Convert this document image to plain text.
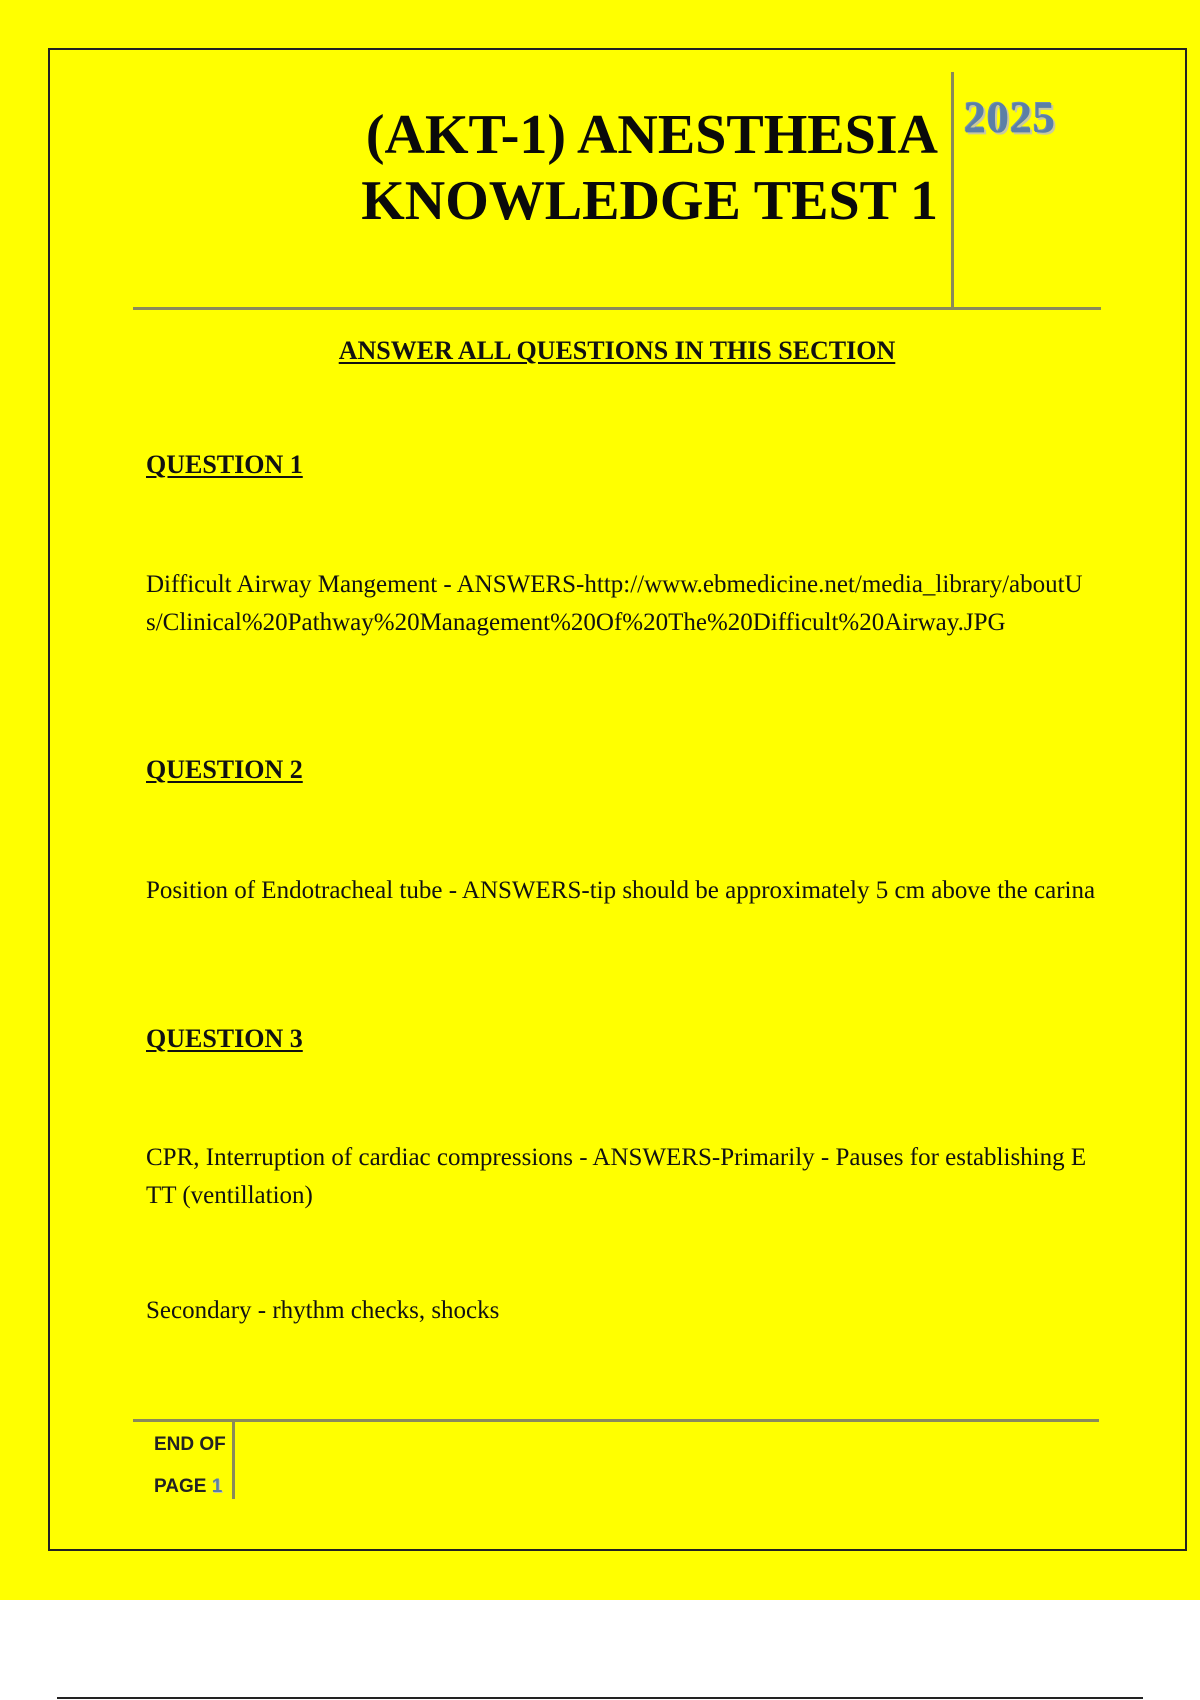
(AKT-1) ANESTHESIA
KNOWLEDGE TEST 1
2025
ANSWER ALL QUESTIONS IN THIS SECTION
QUESTION 1
Difficult Airway Mangement - ANSWERS-http://www.ebmedicine.net/media_library/aboutUs/Clinical%20Pathway%20Management%20Of%20The%20Difficult%20Airway.JPG
QUESTION 2
Position of Endotracheal tube - ANSWERS-tip should be approximately 5 cm above the carina
QUESTION 3
CPR, Interruption of cardiac compressions - ANSWERS-Primarily - Pauses for establishing ETT (ventillation)
Secondary - rhythm checks, shocks
END OF
PAGE 1
